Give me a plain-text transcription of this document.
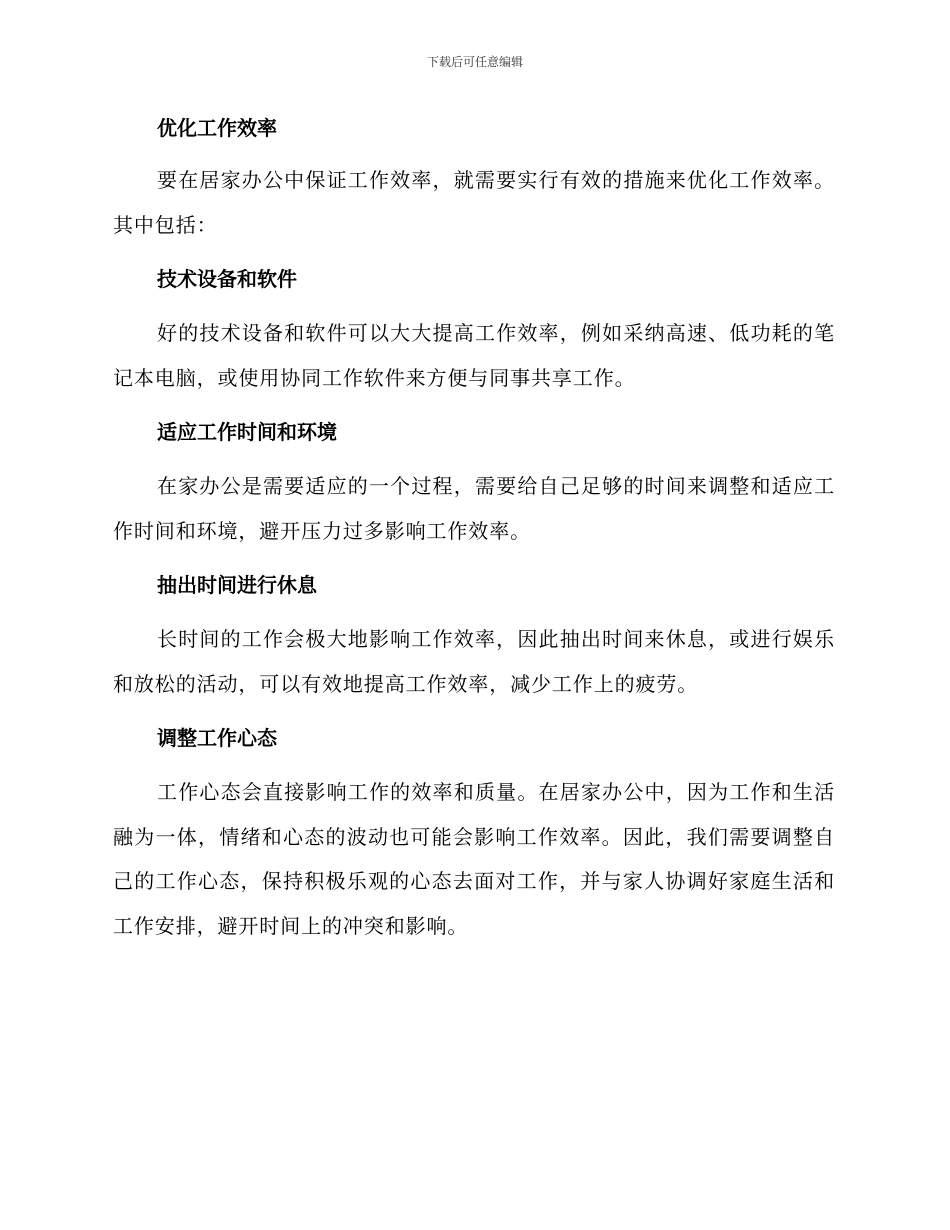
下载后可任意编辑
优化工作效率

要在居家办公中保证工作效率，就需要实行有效的措施来优化工作效率。其中包括：

技术设备和软件

好的技术设备和软件可以大大提高工作效率，例如采纳高速、低功耗的笔记本电脑，或使用协同工作软件来方便与同事共享工作。

适应工作时间和环境

在家办公是需要适应的一个过程，需要给自己足够的时间来调整和适应工作时间和环境，避开压力过多影响工作效率。

抽出时间进行休息

长时间的工作会极大地影响工作效率，因此抽出时间来休息，或进行娱乐和放松的活动，可以有效地提高工作效率，减少工作上的疲劳。

调整工作心态

工作心态会直接影响工作的效率和质量。在居家办公中，因为工作和生活融为一体，情绪和心态的波动也可能会影响工作效率。因此，我们需要调整自己的工作心态，保持积极乐观的心态去面对工作，并与家人协调好家庭生活和工作安排，避开时间上的冲突和影响。
